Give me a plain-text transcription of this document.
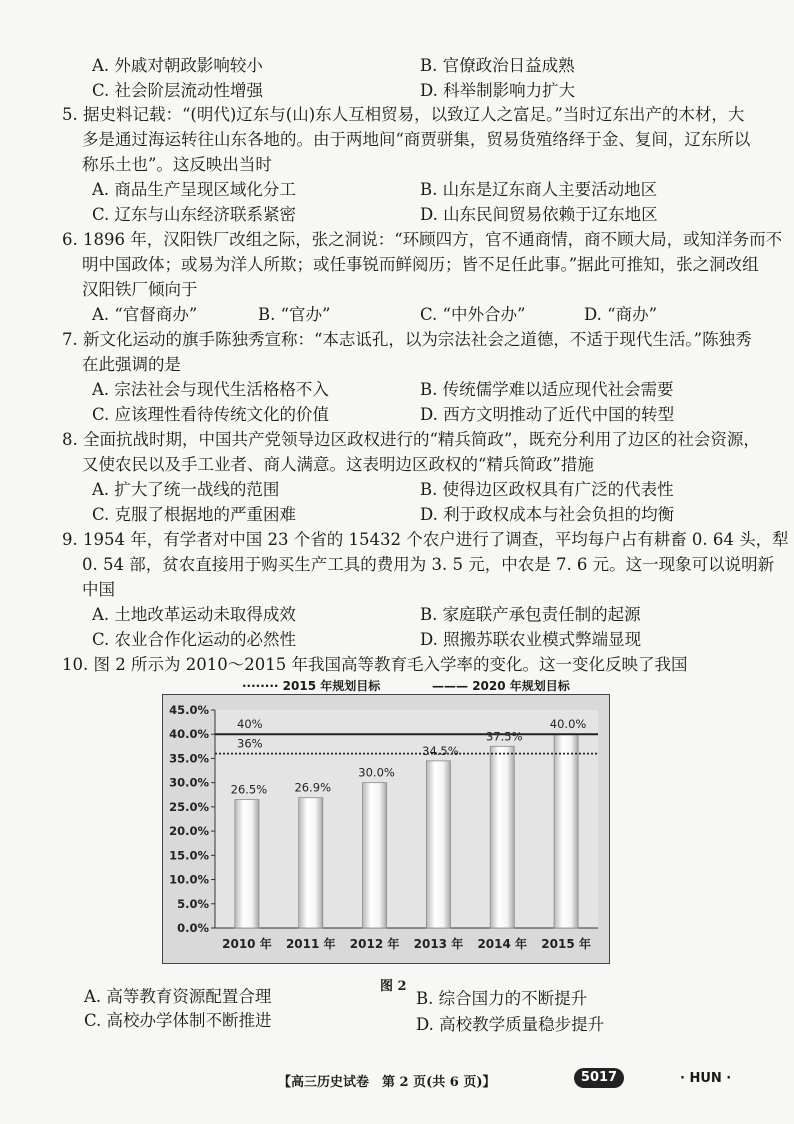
A. 外戚对朝政影响较小	B. 官僚政治日益成熟
C. 社会阶层流动性增强	D. 科举制影响力扩大
5. 据史料记载：“(明代)辽东与(山)东人互相贸易，以致辽人之富足。”当时辽东出产的木材，大
多是通过海运转往山东各地的。由于两地间“商贾骈集，贸易货殖络绎于金、复间，辽东所以
称乐土也”。这反映出当时
A. 商品生产呈现区域化分工	B. 山东是辽东商人主要活动地区
C. 辽东与山东经济联系紧密	D. 山东民间贸易依赖于辽东地区
6. 1896 年，汉阳铁厂改组之际，张之洞说：“环顾四方，官不通商情，商不顾大局，或知洋务而不
明中国政体；或易为洋人所欺；或任事锐而鲜阅历；皆不足任此事。”据此可推知，张之洞改组
汉阳铁厂倾向于
A. “官督商办”	B. “官办”	C. “中外合办”	D. “商办”
7. 新文化运动的旗手陈独秀宣称：“本志诋孔，以为宗法社会之道德，不适于现代生活。”陈独秀
在此强调的是
A. 宗法社会与现代生活格格不入	B. 传统儒学难以适应现代社会需要
C. 应该理性看待传统文化的价值	D. 西方文明推动了近代中国的转型
8. 全面抗战时期，中国共产党领导边区政权进行的“精兵简政”，既充分利用了边区的社会资源，
又使农民以及手工业者、商人满意。这表明边区政权的“精兵简政”措施
A. 扩大了统一战线的范围	B. 使得边区政权具有广泛的代表性
C. 克服了根据地的严重困难	D. 利于政权成本与社会负担的均衡
9. 1954 年，有学者对中国 23 个省的 15432 个农户进行了调查，平均每户占有耕畜 0. 64 头，犁
0. 54 部，贫农直接用于购买生产工具的费用为 3. 5 元，中农是 7. 6 元。这一现象可以说明新
中国
A. 土地改革运动未取得成效	B. 家庭联产承包责任制的起源
C. 农业合作化运动的必然性	D. 照搬苏联农业模式弊端显现
10. 图 2 所示为 2010～2015 年我国高等教育毛入学率的变化。这一变化反映了我国
········ 2015 年规划目标	——— 2020 年规划目标
0.0%
5.0%
10.0%
15.0%
20.0%
25.0%
30.0%
35.0%
40.0%
45.0%
2010 年
26.5%
2011 年
26.9%
2012 年
30.0%
2013 年
34.5%
2014 年
37.5%
2015 年
40.0%
36%
40%
图 2
A. 高等教育资源配置合理	B. 综合国力的不断提升
C. 高校办学体制不断推进	D. 高校教学质量稳步提升
【高三历史试卷　第 2 页(共 6 页)】	5017	· HUN ·
